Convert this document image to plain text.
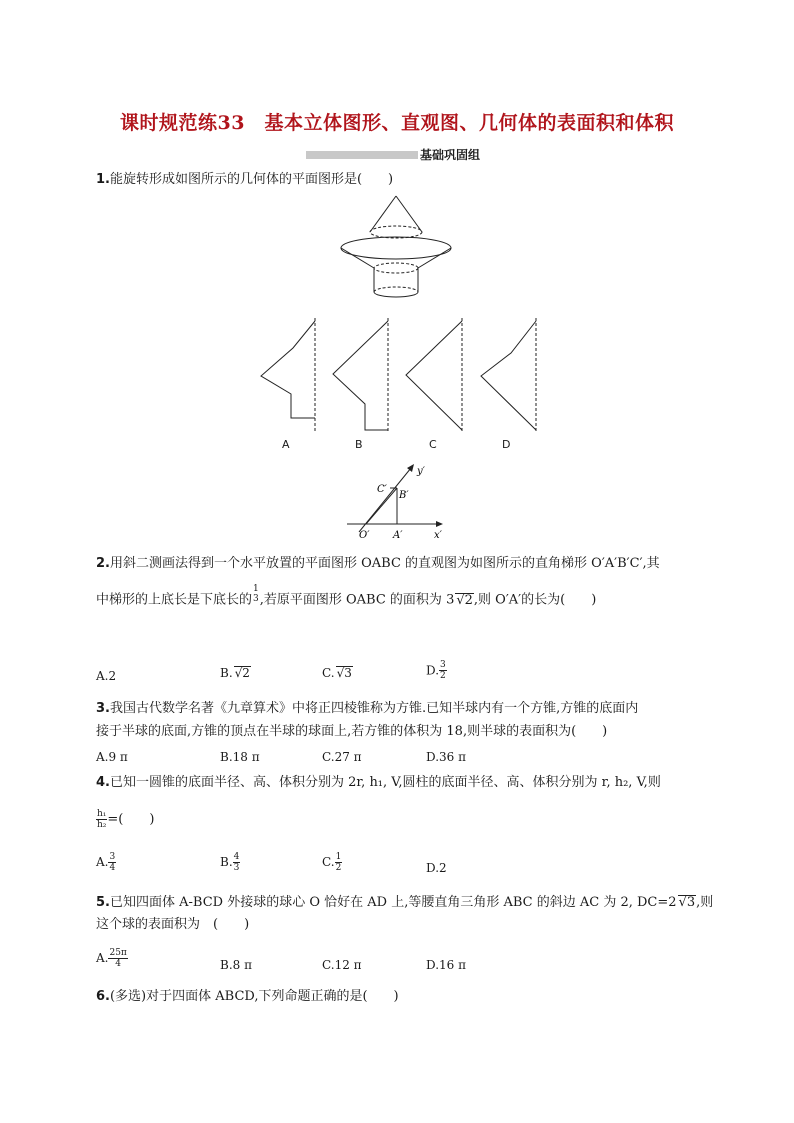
课时规范练33　基本立体图形、直观图、几何体的表面积和体积
基础巩固组
1.能旋转形成如图所示的几何体的平面图形是(　　)
A	B	C	D
y′
x′
O′ A′
B′
C′
2.用斜二测画法得到一个水平放置的平面图形 OABC 的直观图为如图所示的直角梯形 O′A′B′C′,其
中梯形的上底长是下底长的
1
3 ,若原平面图形 OABC 的面积为 3 √2,则 O′A′的长为(　　)
A.2	B. √2	C. √3	D. $\frac{3}{2}$
3.我国古代数学名著《九章算术》中将正四棱锥称为方锥.已知半球内有一个方锥,方锥的底面内
接于半球的底面,方锥的顶点在半球的球面上,若方锥的体积为 18,则半球的表面积为(　　)
A.9 π	B.18 π	C.27 π	D.36 π
4.已知一圆锥的底面半径、高、体积分别为 2r, h₁, V,圆柱的底面半径、高、体积分别为 r, h₂, V,则
$\frac{\text{h₁}}{\text{h₂}}$ =(　　)
A. $\frac{3}{4}$	B. $\frac{4}{3}$	C. $\frac{1}{2}$	D.2
5.已知四面体 A-BCD 外接球的球心 O 恰好在 AD 上,等腰直角三角形 ABC 的斜边 AC 为 2, DC=2 √3,则
这个球的表面积为　(　　)
A. $\frac{25\pi}{4}$	B.8 π	C.12 π	D.16 π
6.(多选)对于四面体 ABCD,下列命题正确的是(　　)
